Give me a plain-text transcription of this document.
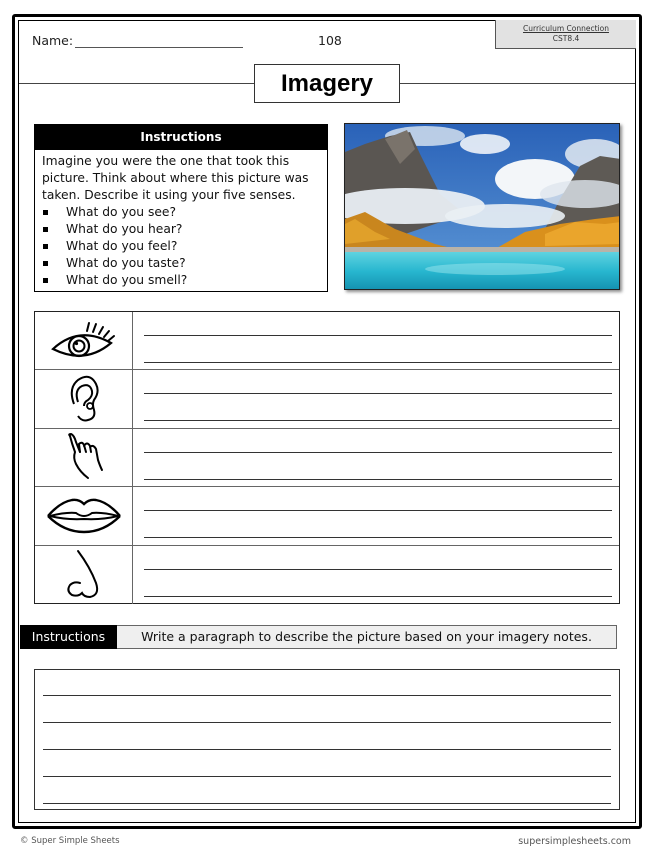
Name:	108
Curriculum Connection
CST8.4
Imagery
Instructions
Imagine you were the one that took this picture. Think about where this picture was taken. Describe it using your five senses.
What do you see?
What do you hear?
What do you feel?
What do you taste?
What do you smell?
Instructions	Write a paragraph to describe the picture based on your imagery notes.
© Super Simple Sheets	supersimplesheets.com
